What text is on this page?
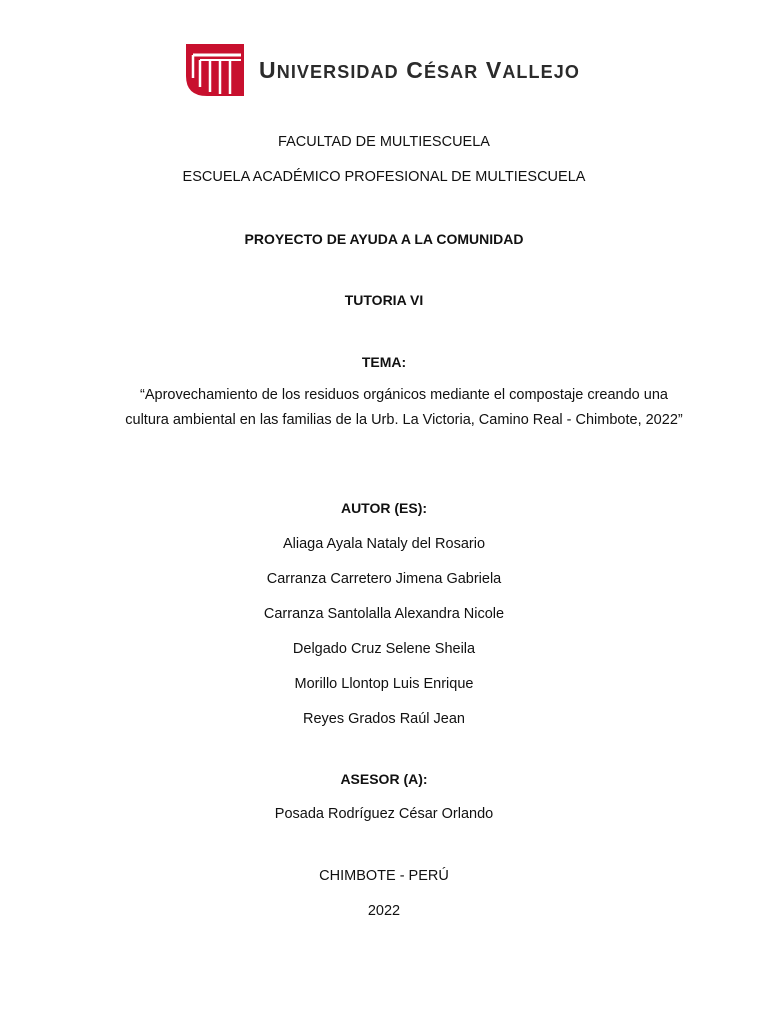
UNIVERSIDAD CÉSAR VALLEJO
FACULTAD DE MULTIESCUELA
ESCUELA ACADÉMICO PROFESIONAL DE MULTIESCUELA
PROYECTO DE AYUDA A LA COMUNIDAD
TUTORIA VI
TEMA:
“Aprovechamiento de los residuos orgánicos mediante el compostaje creando una cultura ambiental en las familias de la Urb. La Victoria, Camino Real - Chimbote, 2022”
AUTOR (ES):
Aliaga Ayala Nataly del Rosario
Carranza Carretero Jimena Gabriela
Carranza Santolalla Alexandra Nicole
Delgado Cruz Selene Sheila
Morillo Llontop Luis Enrique
Reyes Grados Raúl Jean
ASESOR (A):
Posada Rodríguez César Orlando
CHIMBOTE - PERÚ
2022
